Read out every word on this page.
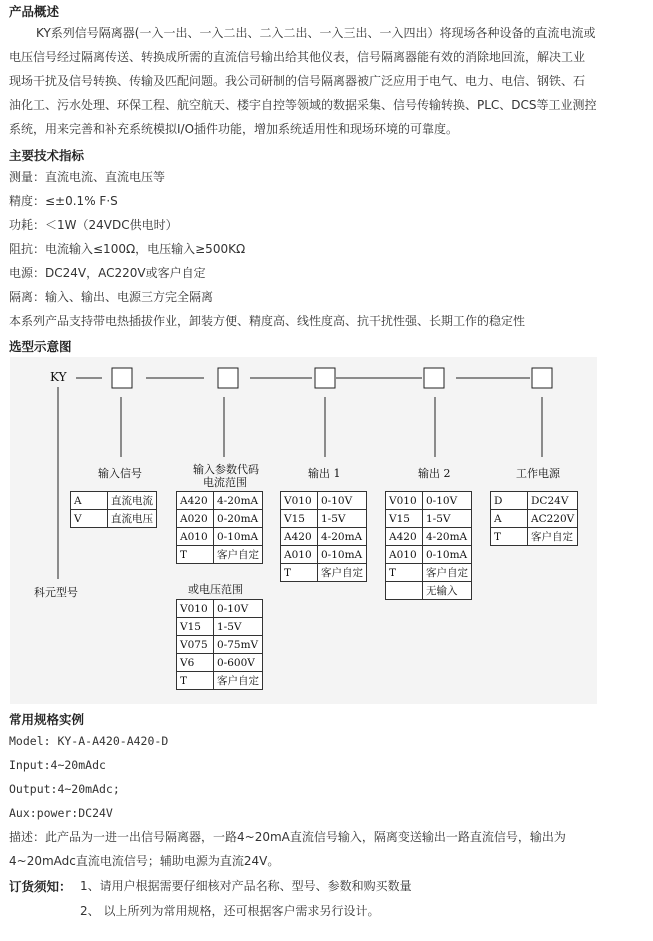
产品概述
KY系列信号隔离器(一入一出、一入二出、二入二出、一入三出、一入四出）将现场各种设备的直流电流或
电压信号经过隔离传送、转换成所需的直流信号输出给其他仪表，信号隔离器能有效的消除地回流，解决工业
现场干扰及信号转换、传输及匹配问题。我公司研制的信号隔离器被广泛应用于电气、电力、电信、钢铁、石
油化工、污水处理、环保工程、航空航天、楼宇自控等领域的数据采集、信号传输转换、PLC、DCS等工业测控
系统，用来完善和补充系统模拟I/O插件功能，增加系统适用性和现场环境的可靠度。
主要技术指标
测量：直流电流、直流电压等
精度：≤±0.1% F·S
功耗：＜1W（24VDC供电时）
阻抗：电流输入≤100Ω，电压输入≥500KΩ
电源：DC24V，AC220V或客户自定
隔离：输入、输出、电源三方完全隔离
本系列产品支持带电热插拔作业，卸装方便、精度高、线性度高、抗干扰性强、长期工作的稳定性
选型示意图
KY
科元型号
输入信号
A	直流电流
V	直流电压
输入参数代码
电流范围
A420	4-20mA
A020	0-20mA
A010	0-10mA
T	客户自定
或电压范围
V010	0-10V
V15	1-5V
V075	0-75mV
V6	0-600V
T	客户自定
输出 1
V010	0-10V
V15	1-5V
A420	4-20mA
A010	0-10mA
T	客户自定
输出 2
V010	0-10V
V15	1-5V
A420	4-20mA
A010	0-10mA
T	客户自定
	无输入
工作电源
D	DC24V
A	AC220V
T	客户自定
常用规格实例
Model: KY-A-A420-A420-D
Input:4~20mAdc
Output:4~20mAdc;
Aux:power:DC24V
描述：此产品为一进一出信号隔离器，一路4~20mA直流信号输入，隔离变送输出一路直流信号，输出为
4~20mAdc直流电流信号；辅助电源为直流24V。
订货须知： 1、请用户根据需要仔细核对产品名称、型号、参数和购买数量
2、 以上所列为常用规格，还可根据客户需求另行设计。
